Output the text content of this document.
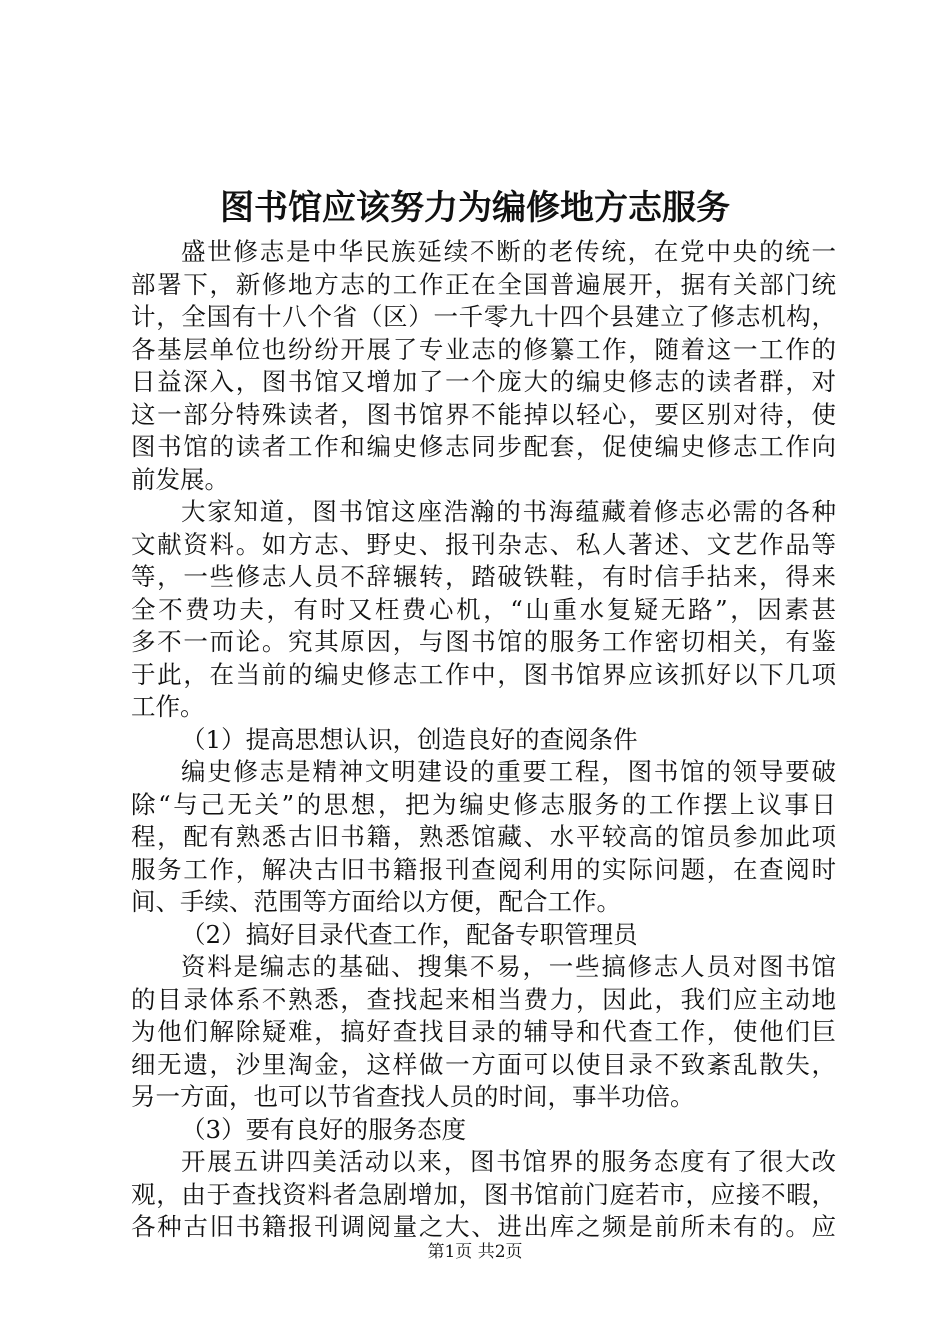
图书馆应该努力为编修地方志服务
盛世修志是中华民族延续不断的老传统，在党中央的统一
部署下，新修地方志的工作正在全国普遍展开，据有关部门统
计，全国有十八个省（区）一千零九十四个县建立了修志机构，
各基层单位也纷纷开展了专业志的修纂工作，随着这一工作的
日益深入，图书馆又增加了一个庞大的编史修志的读者群，对
这一部分特殊读者，图书馆界不能掉以轻心，要区别对待，使
图书馆的读者工作和编史修志同步配套，促使编史修志工作向
前发展。
大家知道，图书馆这座浩瀚的书海蕴藏着修志必需的各种
文献资料。如方志、野史、报刊杂志、私人著述、文艺作品等
等，一些修志人员不辞辗转，踏破铁鞋，有时信手拈来，得来
全不费功夫，有时又枉费心机，“山重水复疑无路”，因素甚
多不一而论。究其原因，与图书馆的服务工作密切相关，有鉴
于此，在当前的编史修志工作中，图书馆界应该抓好以下几项
工作。
（1）提高思想认识，创造良好的查阅条件
编史修志是精神文明建设的重要工程，图书馆的领导要破
除“与己无关”的思想，把为编史修志服务的工作摆上议事日
程，配有熟悉古旧书籍，熟悉馆藏、水平较高的馆员参加此项
服务工作，解决古旧书籍报刊查阅利用的实际问题，在查阅时
间、手续、范围等方面给以方便，配合工作。
（2）搞好目录代查工作，配备专职管理员
资料是编志的基础、搜集不易，一些搞修志人员对图书馆
的目录体系不熟悉，查找起来相当费力，因此，我们应主动地
为他们解除疑难，搞好查找目录的辅导和代查工作，使他们巨
细无遗，沙里淘金，这样做一方面可以使目录不致紊乱散失，
另一方面，也可以节省查找人员的时间，事半功倍。
（3）要有良好的服务态度
开展五讲四美活动以来，图书馆界的服务态度有了很大改
观，由于查找资料者急剧增加，图书馆前门庭若市，应接不暇，
各种古旧书籍报刊调阅量之大、进出库之频是前所未有的。应
第1页 共2页
